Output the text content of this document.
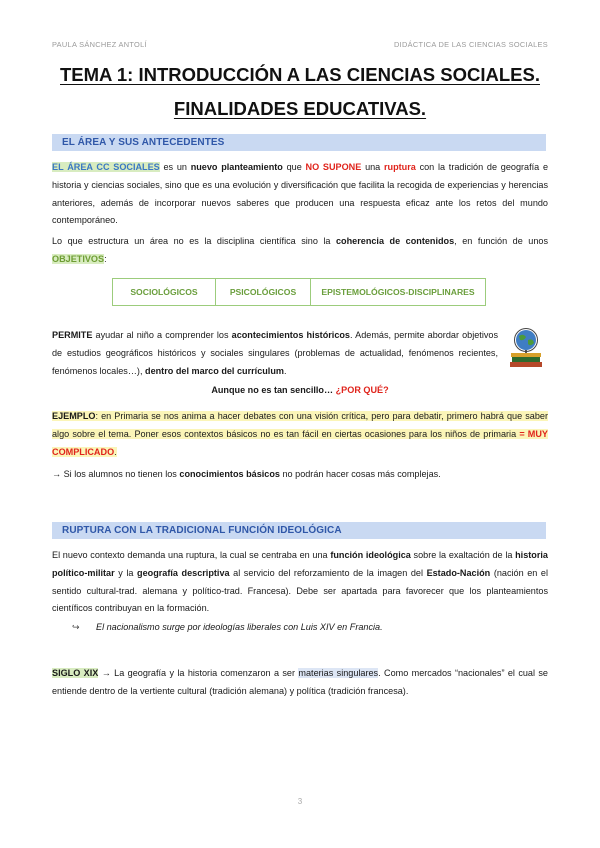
PAULA SÁNCHEZ ANTOLÍ	DIDÁCTICA DE LAS CIENCIAS SOCIALES
TEMA 1: INTRODUCCIÓN A LAS CIENCIAS SOCIALES.
FINALIDADES EDUCATIVAS.
EL ÁREA Y SUS ANTECEDENTES
EL ÁREA CC SOCIALES es un nuevo planteamiento que NO SUPONE una ruptura con la tradición de geografía e historia y ciencias sociales, sino que es una evolución y diversificación que facilita la recogida de experiencias y herencias anteriores, además de incorporar nuevos saberes que producen una respuesta eficaz ante los retos del mundo contemporáneo.
Lo que estructura un área no es la disciplina científica sino la coherencia de contenidos, en función de unos OBJETIVOS:
SOCIOLÓGICOS	PSICOLÓGICOS	EPISTEMOLÓGICOS-DISCIPLINARES
PERMITE ayudar al niño a comprender los acontecimientos históricos. Además, permite abordar objetivos de estudios geográficos históricos y sociales singulares (problemas de actualidad, fenómenos recientes, fenómenos locales…), dentro del marco del currículum.
Aunque no es tan sencillo… ¿POR QUÉ?
EJEMPLO: en Primaria se nos anima a hacer debates con una visión crítica, pero para debatir, primero habrá que saber algo sobre el tema. Poner esos contextos básicos no es tan fácil en ciertas ocasiones para los niños de primaria = MUY COMPLICADO.
→ Si los alumnos no tienen los conocimientos básicos no podrán hacer cosas más complejas.
RUPTURA CON LA TRADICIONAL FUNCIÓN IDEOLÓGICA
El nuevo contexto demanda una ruptura, la cual se centraba en una función ideológica sobre la exaltación de la historia político-militar y la geografía descriptiva al servicio del reforzamiento de la imagen del Estado-Nación (nación en el sentido cultural-trad. alemana y político-trad. Francesa). Debe ser apartada para favorecer que los planteamientos científicos contribuyan en la formación.
↪ El nacionalismo surge por ideologías liberales con Luis XIV en Francia.
SIGLO XIX → La geografía y la historia comenzaron a ser materias singulares. Como mercados “nacionales” el cual se entiende dentro de la vertiente cultural (tradición alemana) y política (tradición francesa).
3
